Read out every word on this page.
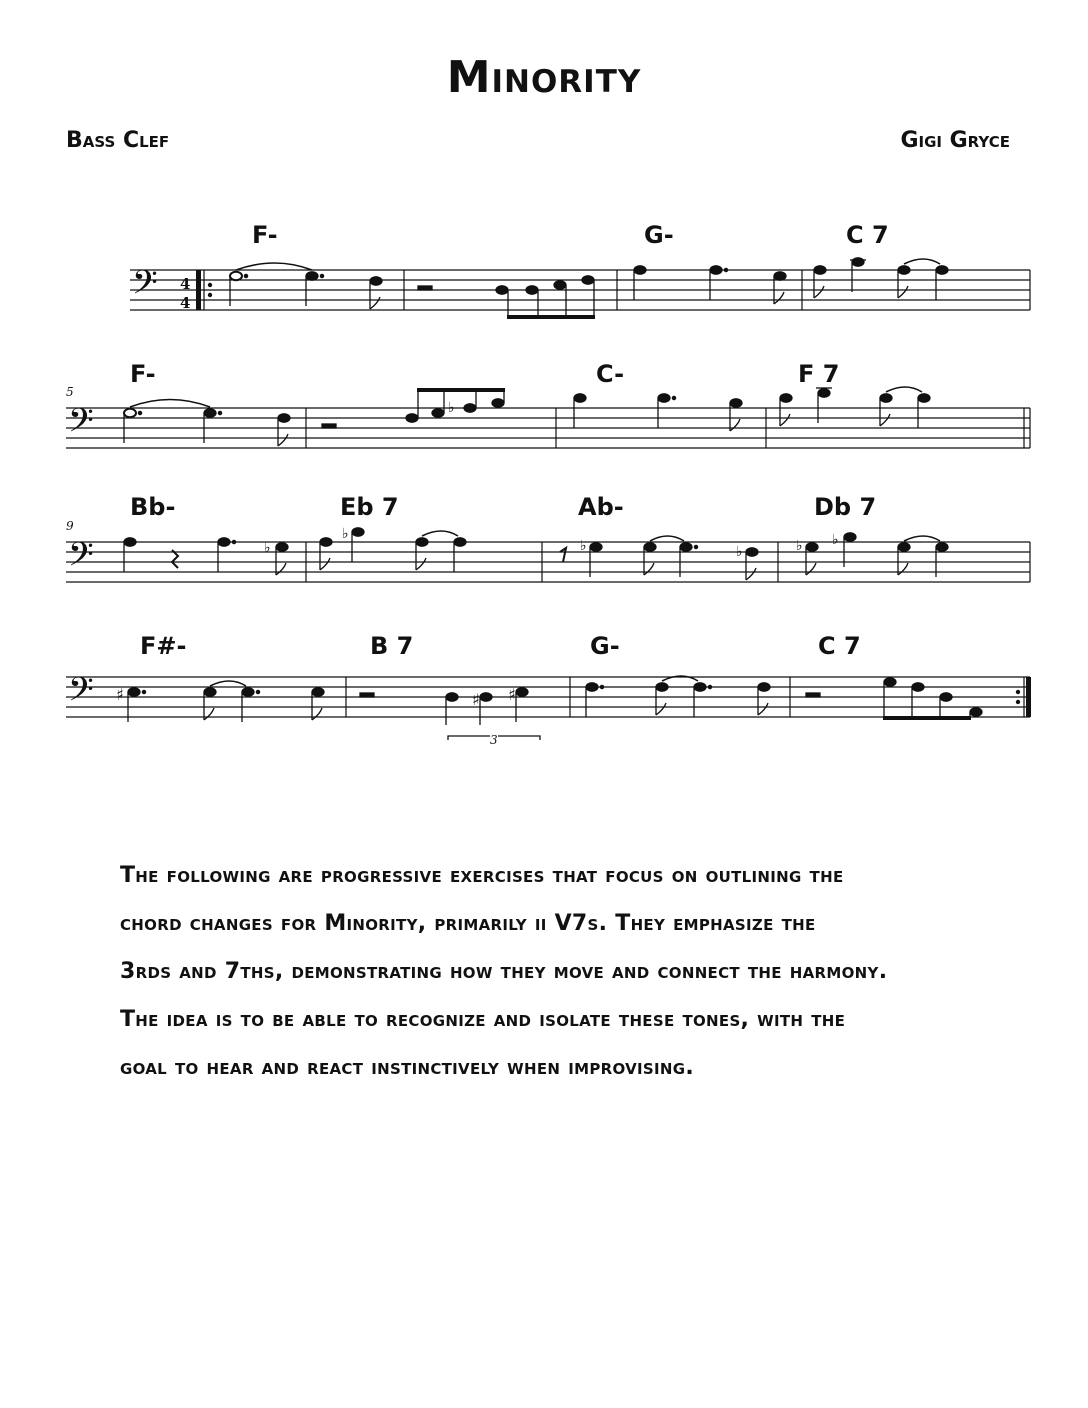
Minority
Bass Clef	Gigi Gryce
𝄢 4
4
F-	G-	C 7
5
𝄢
F-	C-	F 7
♭
9
𝄢
Bb-	Eb 7	Ab-	Db 7
♭
♭
♭	♭	♭ ♭
𝄢
F#-	B 7	G-	C 7
♯	♯ ♯
3

The following are progressive exercises that focus on outlining the

chord changes for Minority, primarily ii V7s. They emphasize the

3rds and 7ths, demonstrating how they move and connect the harmony.

The idea is to be able to recognize and isolate these tones, with the

goal to hear and react instinctively when improvising.
